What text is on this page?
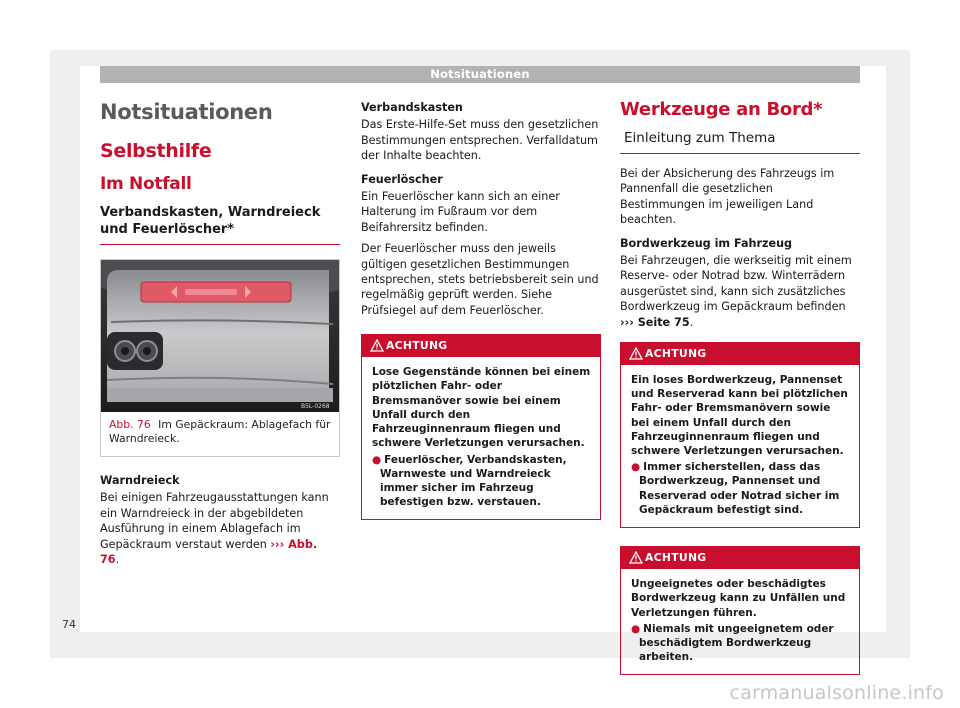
Notsituationen
Notsituationen
Selbsthilfe
Im Notfall
Verbandskasten, Warndreieck und Feuerlöscher*
B5L-0268
Abb. 76 Im Gepäckraum: Ablagefach für Warndreieck.
Warndreieck

Bei einigen Fahrzeugausstattungen kann ein Warndreieck in der abgebildeten Ausführung in einem Ablagefach im Gepäckraum verstaut werden ››› Abb. 76.

Verbandskasten

Das Erste-Hilfe-Set muss den gesetzlichen Bestimmungen entsprechen. Verfalldatum der Inhalte beachten.

Feuerlöscher

Ein Feuerlöscher kann sich an einer Halterung im Fußraum vor dem Beifahrersitz befinden.

Der Feuerlöscher muss den jeweils gültigen gesetzlichen Bestimmungen entsprechen, stets betriebsbereit sein und regelmäßig geprüft werden. Siehe Prüfsiegel auf dem Feuerlöscher.

ACHTUNG
Lose Gegenstände können bei einem plötzlichen Fahr- oder Bremsmanöver sowie bei einem Unfall durch den Fahrzeuginnenraum fliegen und schwere Verletzungen verursachen.
● Feuerlöscher, Verbandskasten, Warnweste und Warndreieck immer sicher im Fahrzeug befestigen bzw. verstauen.
Werkzeuge an Bord*
Einleitung zum Thema

Bei der Absicherung des Fahrzeugs im Pannenfall die gesetzlichen Bestimmungen im jeweiligen Land beachten.

Bordwerkzeug im Fahrzeug

Bei Fahrzeugen, die werkseitig mit einem Reserve- oder Notrad bzw. Winterrädern ausgerüstet sind, kann sich zusätzliches Bordwerkzeug im Gepäckraum befinden ››› Seite 75.

ACHTUNG
Ein loses Bordwerkzeug, Pannenset und Reserverad kann bei plötzlichen Fahr- oder Bremsmanövern sowie bei einem Unfall durch den Fahrzeuginnenraum fliegen und schwere Verletzungen verursachen.
● Immer sicherstellen, dass das Bordwerkzeug, Pannenset und Reserverad oder Notrad sicher im Gepäckraum befestigt sind.
ACHTUNG
Ungeeignetes oder beschädigtes Bordwerkzeug kann zu Unfällen und Verletzungen führen.
● Niemals mit ungeeignetem oder beschädigtem Bordwerkzeug arbeiten.
74
carmanualsonline.info
